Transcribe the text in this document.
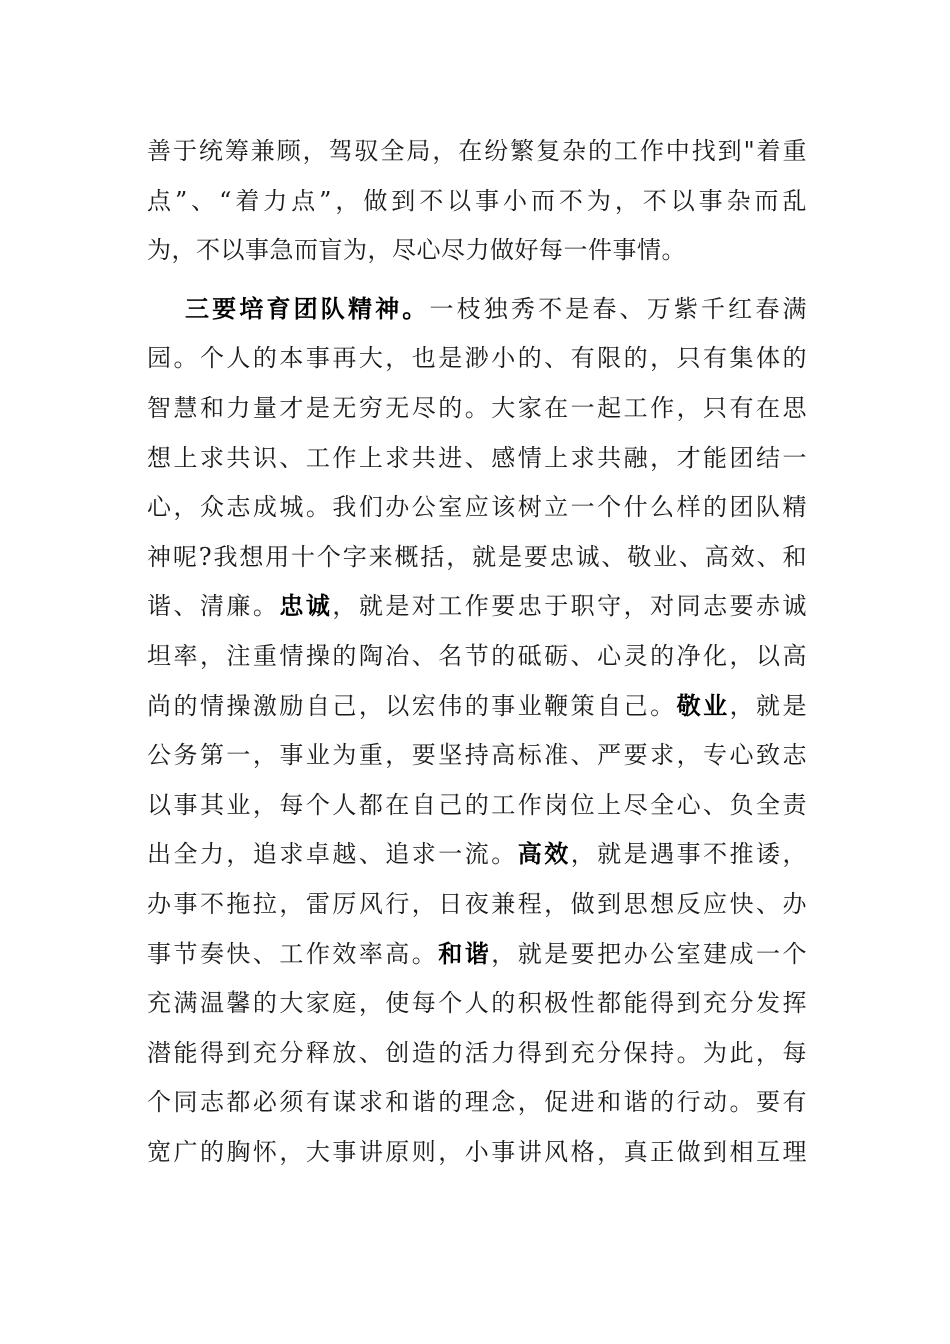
善于统筹兼顾，驾驭全局，在纷繁复杂的工作中找到"着重
点”、“着力点”，做到不以事小而不为，不以事杂而乱
为，不以事急而盲为，尽心尽力做好每一件事情。
三要培育团队精神。一枝独秀不是春、万紫千红春满
园。个人的本事再大，也是渺小的、有限的，只有集体的
智慧和力量才是无穷无尽的。大家在一起工作，只有在思
想上求共识、工作上求共进、感情上求共融，才能团结一
心，众志成城。我们办公室应该树立一个什么样的团队精
神呢?我想用十个字来概括，就是要忠诚、敬业、高效、和
谐、清廉。忠诚，就是对工作要忠于职守，对同志要赤诚
坦率，注重情操的陶冶、名节的砥砺、心灵的净化，以高
尚的情操激励自己，以宏伟的事业鞭策自己。敬业，就是
公务第一，事业为重，要坚持高标准、严要求，专心致志
以事其业，每个人都在自己的工作岗位上尽全心、负全责
出全力，追求卓越、追求一流。高效，就是遇事不推诿，
办事不拖拉，雷厉风行，日夜兼程，做到思想反应快、办
事节奏快、工作效率高。和谐，就是要把办公室建成一个
充满温馨的大家庭，使每个人的积极性都能得到充分发挥
潜能得到充分释放、创造的活力得到充分保持。为此，每
个同志都必须有谋求和谐的理念，促进和谐的行动。要有
宽广的胸怀，大事讲原则，小事讲风格，真正做到相互理
